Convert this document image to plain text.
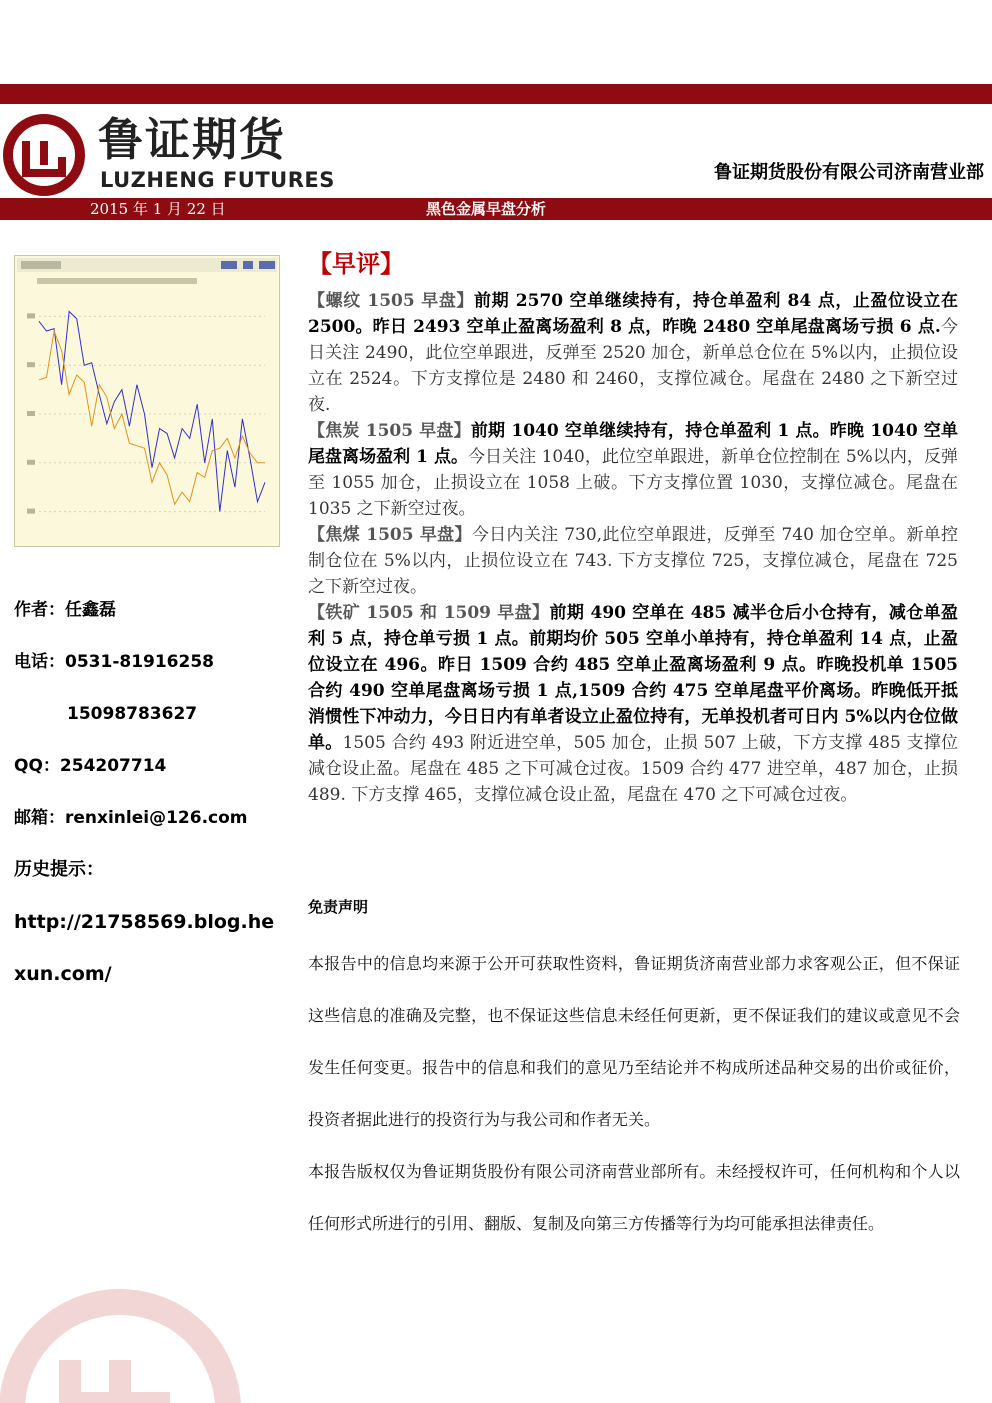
鲁证期货
LUZHENG FUTURES	鲁证期货股份有限公司济南营业部
2015 年 1 月 22 日	黑色金属早盘分析
作者：任鑫磊
电话：0531-81916258
15098783627
QQ：254207714
邮箱：renxinlei@126.com
历史提示：
http://21758569.blog.he
xun.com/
【早评】

【螺纹 1505 早盘】前期 2570 空单继续持有，持仓单盈利 84 点，止盈位设立在 2500。昨日 2493 空单止盈离场盈利 8 点，昨晚 2480 空单尾盘离场亏损 6 点.今日关注 2490，此位空单跟进，反弹至 2520 加仓，新单总仓位在 5%以内，止损位设立在 2524。下方支撑位是 2480 和 2460，支撑位减仓。尾盘在 2480 之下新空过夜.

【焦炭 1505 早盘】前期 1040 空单继续持有，持仓单盈利 1 点。昨晚 1040 空单尾盘离场盈利 1 点。今日关注 1040，此位空单跟进，新单仓位控制在 5%以内，反弹至 1055 加仓，止损设立在 1058 上破。下方支撑位置 1030，支撑位减仓。尾盘在 1035 之下新空过夜。

【焦煤 1505 早盘】今日内关注 730,此位空单跟进，反弹至 740 加仓空单。新单控制仓位在 5%以内，止损位设立在 743. 下方支撑位 725，支撑位减仓，尾盘在 725 之下新空过夜。

【铁矿 1505 和 1509 早盘】前期 490 空单在 485 减半仓后小仓持有，减仓单盈利 5 点，持仓单亏损 1 点。前期均价 505 空单小单持有，持仓单盈利 14 点，止盈位设立在 496。昨日 1509 合约 485 空单止盈离场盈利 9 点。昨晚投机单 1505 合约 490 空单尾盘离场亏损 1 点,1509 合约 475 空单尾盘平价离场。昨晚低开抵消惯性下冲动力，今日日内有单者设立止盈位持有，无单投机者可日内 5%以内仓位做单。1505 合约 493 附近进空单，505 加仓，止损 507 上破，下方支撑 485 支撑位减仓设止盈。尾盘在 485 之下可减仓过夜。1509 合约 477 进空单，487 加仓，止损 489. 下方支撑 465，支撑位减仓设止盈，尾盘在 470 之下可减仓过夜。

免责声明

本报告中的信息均来源于公开可获取性资料，鲁证期货济南营业部力求客观公正，但不保证这些信息的准确及完整，也不保证这些信息未经任何更新，更不保证我们的建议或意见不会发生任何变更。报告中的信息和我们的意见乃至结论并不构成所述品种交易的出价或征价，投资者据此进行的投资行为与我公司和作者无关。

本报告版权仅为鲁证期货股份有限公司济南营业部所有。未经授权许可，任何机构和个人以任何形式所进行的引用、翻版、复制及向第三方传播等行为均可能承担法律责任。
